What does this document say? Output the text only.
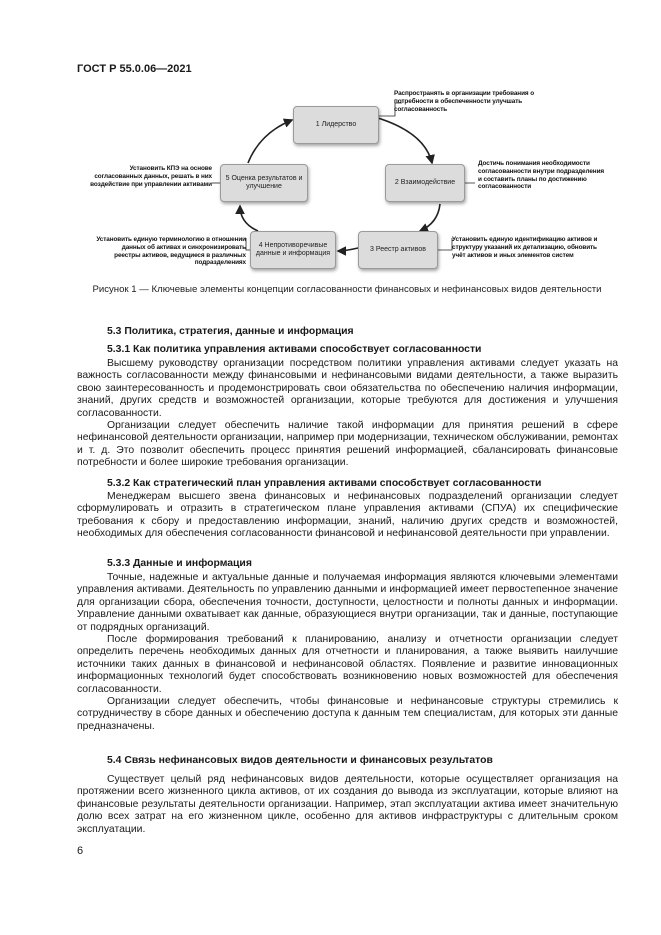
ГОСТ Р 55.0.06—2021
1 Лидерство
2 Взаимодействие
3 Реестр активов
4 Непротиворечивые данные и информация
5 Оценка результатов и улучшение
Распространять в организации требования о потребности в обеспеченности улучшать согласованность
Достичь понимания необходимости согласованности внутри подразделения и составить планы по достижению согласованности
Установить единую идентификацию активов и структуру указаний их детализацию, обновить учёт активов и иных элементов систем
Установить единую терминологию в отношении данных об активах и синхронизировать реестры активов, ведущиеся в различных подразделениях
Установить КПЭ на основе согласованных данных, решать в них воздействие при управлении активами
Рисунок 1 — Ключевые элементы концепции согласованности финансовых и нефинансовых видов деятельности
5.3 Политика, стратегия, данные и информация
5.3.1 Как политика управления активами способствует согласованности

Высшему руководству организации посредством политики управления активами следует указать на важность согласованности между финансовыми и нефинансовыми видами деятельности, а также выразить свою заинтересованность и продемонстрировать свои обязательства по обеспечению наличия информации, знаний, других средств и возможностей организации, которые требуются для достижения и улучшения согласованности.

Организации следует обеспечить наличие такой информации для принятия решений в сфере нефинансовой деятельности организации, например при модернизации, техническом обслуживании, ремонтах и т. д. Это позволит обеспечить процесс принятия решений информацией, сбалансировать финансовые потребности и более широкие требования организации.

5.3.2 Как стратегический план управления активами способствует согласованности

Менеджерам высшего звена финансовых и нефинансовых подразделений организации следует сформулировать и отразить в стратегическом плане управления активами (СПУА) их специфические требования к сбору и предоставлению информации, знаний, наличию других средств и возможностей, необходимых для обеспечения согласованности финансовой и нефинансовой деятельности при управлении.

5.3.3 Данные и информация

Точные, надежные и актуальные данные и получаемая информация являются ключевыми элементами управления активами. Деятельность по управлению данными и информацией имеет первостепенное значение для организации сбора, обеспечения точности, доступности, целостности и полноты данных и информации. Управление данными охватывает как данные, образующиеся внутри организации, так и данные, поступающие от подрядных организаций.

После формирования требований к планированию, анализу и отчетности организации следует определить перечень необходимых данных для отчетности и планирования, а также выявить наилучшие источники таких данных в финансовой и нефинансовой областях. Появление и развитие инновационных информационных технологий будет способствовать возникновению новых возможностей для обеспечения согласованности.

Организации следует обеспечить, чтобы финансовые и нефинансовые структуры стремились к сотрудничеству в сборе данных и обеспечению доступа к данным тем специалистам, для которых эти данные предназначены.

5.4 Связь нефинансовых видов деятельности и финансовых результатов

Существует целый ряд нефинансовых видов деятельности, которые осуществляет организация на протяжении всего жизненного цикла активов, от их создания до вывода из эксплуатации, которые влияют на финансовые результаты деятельности организации. Например, этап эксплуатации актива имеет значительную долю всех затрат на его жизненном цикле, особенно для активов инфраструктуры с длительным сроком эксплуатации.

6
